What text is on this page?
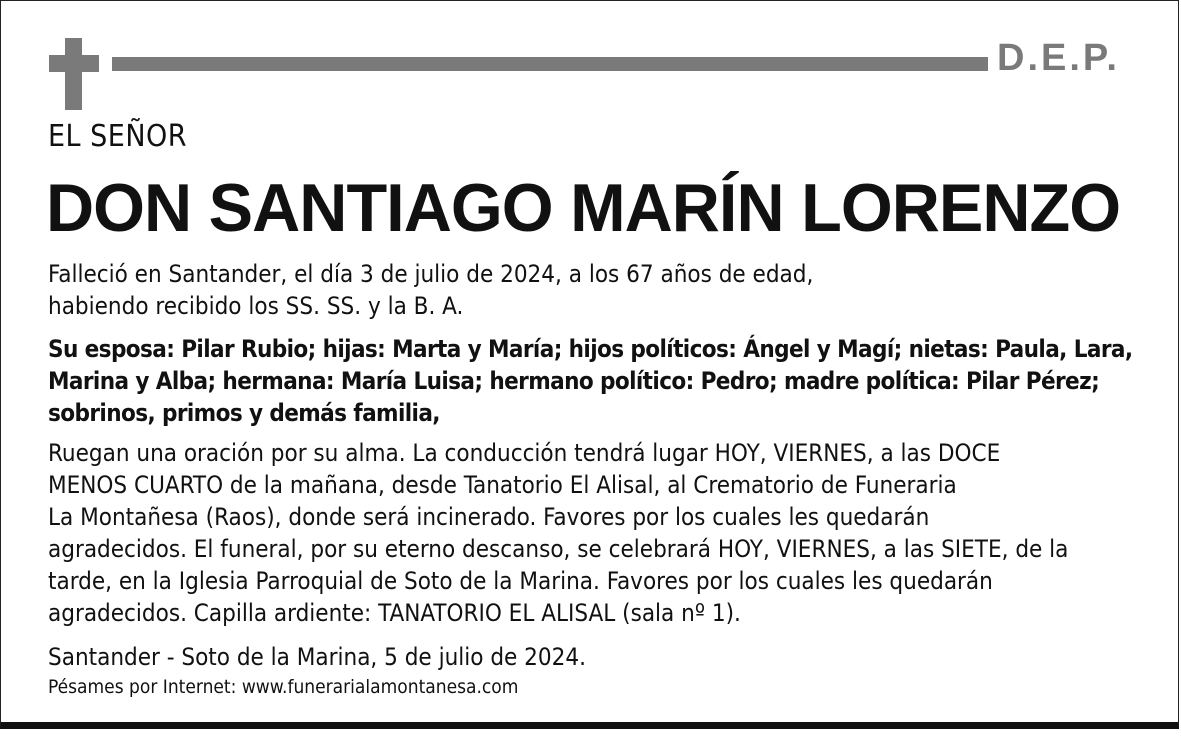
D.E.P.
EL SEÑOR
DON SANTIAGO MARÍN LORENZO
Falleció en Santander, el día 3 de julio de 2024, a los 67 años de edad,
habiendo recibido los SS. SS. y la B. A.
Su esposa: Pilar Rubio; hijas: Marta y María; hijos políticos: Ángel y Magí; nietas: Paula, Lara,
Marina y Alba; hermana: María Luisa; hermano político: Pedro; madre política: Pilar Pérez;
sobrinos, primos y demás familia,
Ruegan una oración por su alma. La conducción tendrá lugar HOY, VIERNES, a las DOCE
MENOS CUARTO de la mañana, desde Tanatorio El Alisal, al Crematorio de Funeraria
La Montañesa (Raos), donde será incinerado. Favores por los cuales les quedarán
agradecidos. El funeral, por su eterno descanso, se celebrará HOY, VIERNES, a las SIETE, de la
tarde, en la Iglesia Parroquial de Soto de la Marina. Favores por los cuales les quedarán
agradecidos. Capilla ardiente: TANATORIO EL ALISAL (sala nº 1).
Santander - Soto de la Marina, 5 de julio de 2024.
Pésames por Internet: www.funerarialamontanesa.com
